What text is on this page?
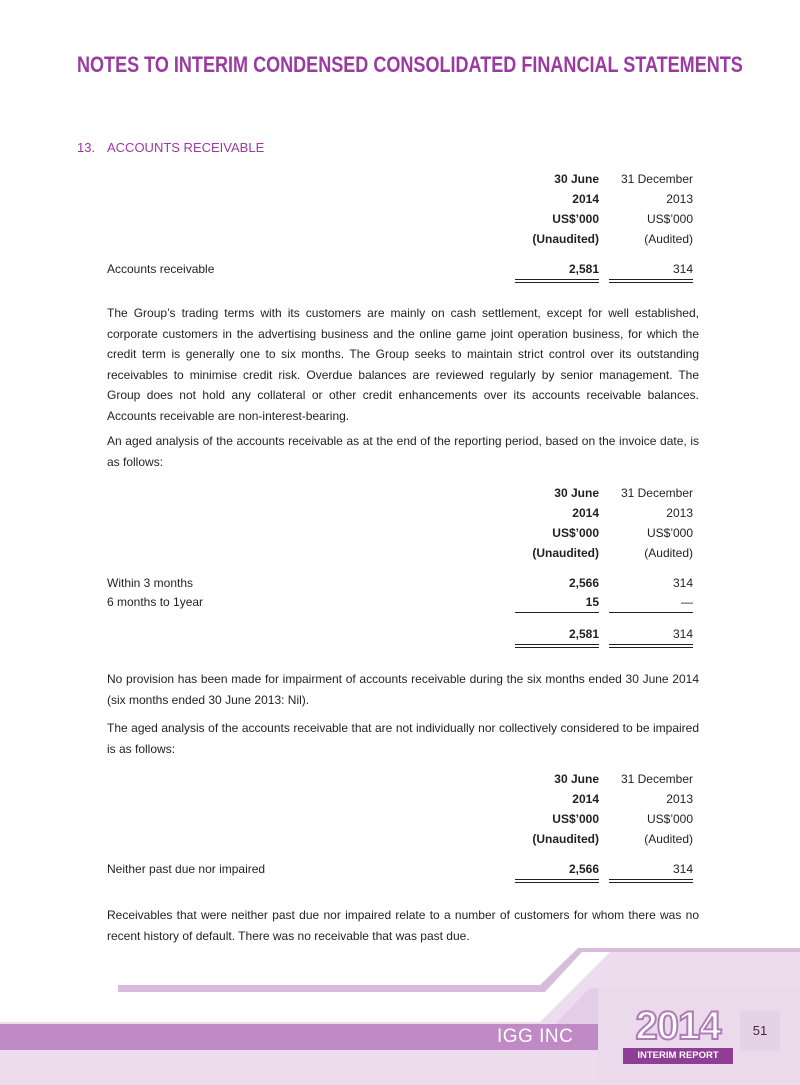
NOTES TO INTERIM CONDENSED CONSOLIDATED FINANCIAL STATEMENTS
13. ACCOUNTS RECEIVABLE
30 June	31 December
2014	2013
US$’000	US$’000
(Unaudited)	(Audited)
Accounts receivable	2,581	314
The Group’s trading terms with its customers are mainly on cash settlement, except for well established, corporate customers in the advertising business and the online game joint operation business, for which the credit term is generally one to six months. The Group seeks to maintain strict control over its outstanding receivables to minimise credit risk. Overdue balances are reviewed regularly by senior management. The Group does not hold any collateral or other credit enhancements over its accounts receivable balances. Accounts receivable are non-interest-bearing.
An aged analysis of the accounts receivable as at the end of the reporting period, based on the invoice date, is as follows:
30 June	31 December
2014	2013
US$’000	US$’000
(Unaudited)	(Audited)
Within 3 months	2,566	314
6 months to 1year	15	—
2,581	314
No provision has been made for impairment of accounts receivable during the six months ended 30 June 2014 (six months ended 30 June 2013: Nil).
The aged analysis of the accounts receivable that are not individually nor collectively considered to be impaired is as follows:
30 June	31 December
2014	2013
US$’000	US$’000
(Unaudited)	(Audited)
Neither past due nor impaired	2,566	314
Receivables that were neither past due nor impaired relate to a number of customers for whom there was no recent history of default. There was no receivable that was past due.
IGG INC	2014
INTERIM REPORT
51
